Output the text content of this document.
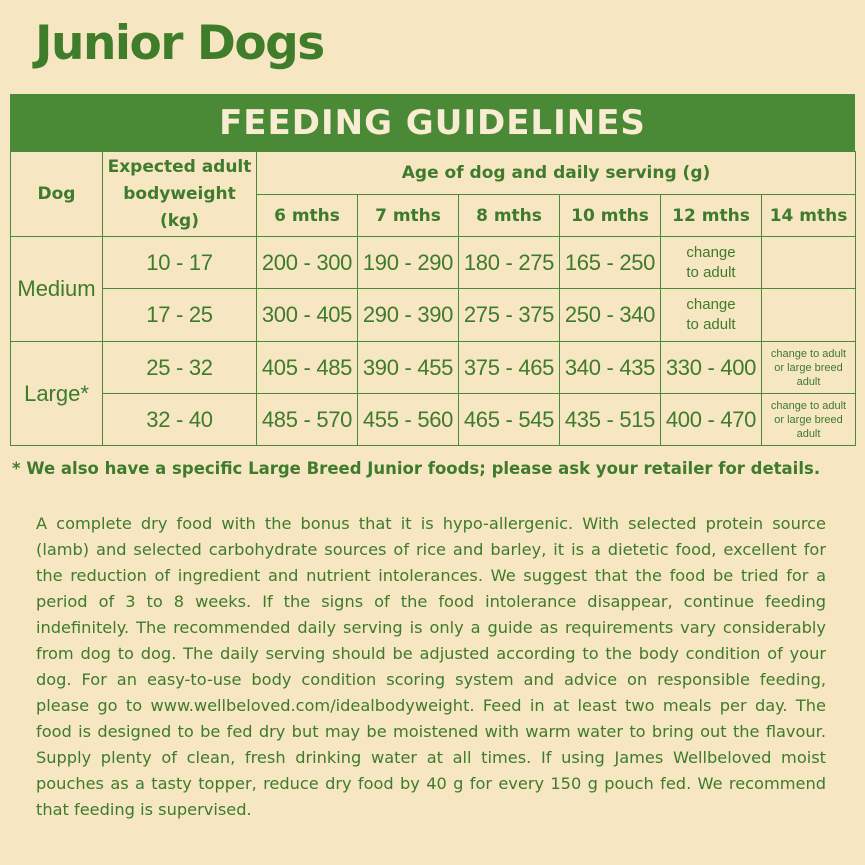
Junior Dogs
FEEDING GUIDELINES
Dog	Expected adult bodyweight (kg)	Age of dog and daily serving (g)					
		6 mths	7 mths	8 mths	10 mths	12 mths	14 mths
Medium	10 - 17	200 - 300	190 - 290	180 - 275	165 - 250	change to adult	
	17 - 25	300 - 405	290 - 390	275 - 375	250 - 340	change to adult	
Large*	25 - 32	405 - 485	390 - 455	375 - 465	340 - 435	330 - 400	change to adult or large breed adult
	32 - 40	485 - 570	455 - 560	465 - 545	435 - 515	400 - 470	change to adult or large breed adult
* We also have a specific Large Breed Junior foods; please ask your retailer for details.

A complete dry food with the bonus that it is hypo-allergenic. With selected protein source (lamb) and selected carbohydrate sources of rice and barley, it is a dietetic food, excellent for the reduction of ingredient and nutrient intolerances. We suggest that the food be tried for a period of 3 to 8 weeks. If the signs of the food intolerance disappear, continue feeding indefinitely. The recommended daily serving is only a guide as requirements vary considerably from dog to dog. The daily serving should be adjusted according to the body condition of your dog. For an easy-to-use body condition scoring system and advice on responsible feeding, please go to www.wellbeloved.com/idealbodyweight. Feed in at least two meals per day. The food is designed to be fed dry but may be moistened with warm water to bring out the flavour. Supply plenty of clean, fresh drinking water at all times. If using James Wellbeloved moist pouches as a tasty topper, reduce dry food by 40 g for every 150 g pouch fed. We recommend that feeding is supervised.
